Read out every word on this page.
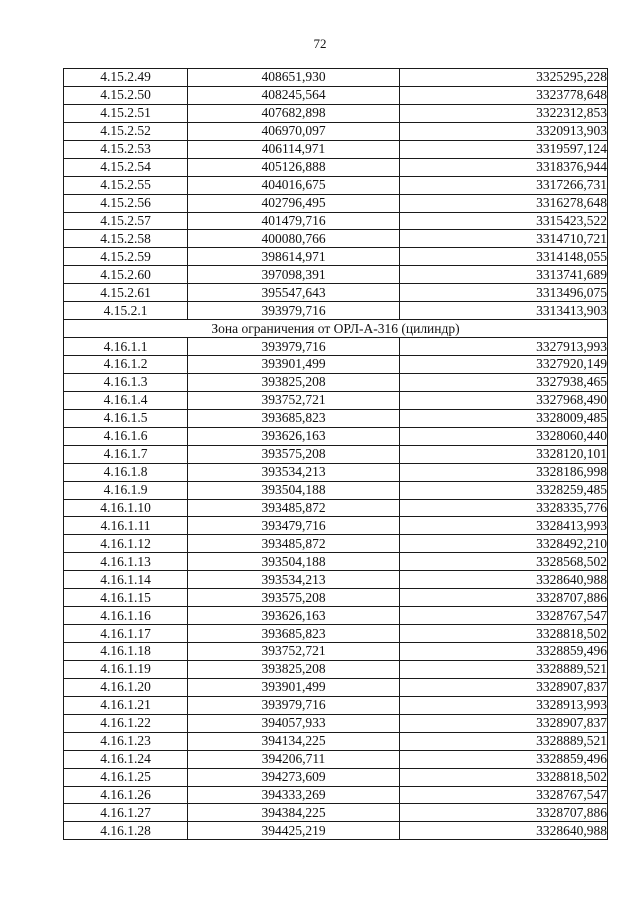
72
4.15.2.49	408651,930	3325295,228
4.15.2.50	408245,564	3323778,648
4.15.2.51	407682,898	3322312,853
4.15.2.52	406970,097	3320913,903
4.15.2.53	406114,971	3319597,124
4.15.2.54	405126,888	3318376,944
4.15.2.55	404016,675	3317266,731
4.15.2.56	402796,495	3316278,648
4.15.2.57	401479,716	3315423,522
4.15.2.58	400080,766	3314710,721
4.15.2.59	398614,971	3314148,055
4.15.2.60	397098,391	3313741,689
4.15.2.61	395547,643	3313496,075
4.15.2.1	393979,716	3313413,903
Зона ограничения от ОРЛ-А-316 (цилиндр)		
4.16.1.1	393979,716	3327913,993
4.16.1.2	393901,499	3327920,149
4.16.1.3	393825,208	3327938,465
4.16.1.4	393752,721	3327968,490
4.16.1.5	393685,823	3328009,485
4.16.1.6	393626,163	3328060,440
4.16.1.7	393575,208	3328120,101
4.16.1.8	393534,213	3328186,998
4.16.1.9	393504,188	3328259,485
4.16.1.10	393485,872	3328335,776
4.16.1.11	393479,716	3328413,993
4.16.1.12	393485,872	3328492,210
4.16.1.13	393504,188	3328568,502
4.16.1.14	393534,213	3328640,988
4.16.1.15	393575,208	3328707,886
4.16.1.16	393626,163	3328767,547
4.16.1.17	393685,823	3328818,502
4.16.1.18	393752,721	3328859,496
4.16.1.19	393825,208	3328889,521
4.16.1.20	393901,499	3328907,837
4.16.1.21	393979,716	3328913,993
4.16.1.22	394057,933	3328907,837
4.16.1.23	394134,225	3328889,521
4.16.1.24	394206,711	3328859,496
4.16.1.25	394273,609	3328818,502
4.16.1.26	394333,269	3328767,547
4.16.1.27	394384,225	3328707,886
4.16.1.28	394425,219	3328640,988
